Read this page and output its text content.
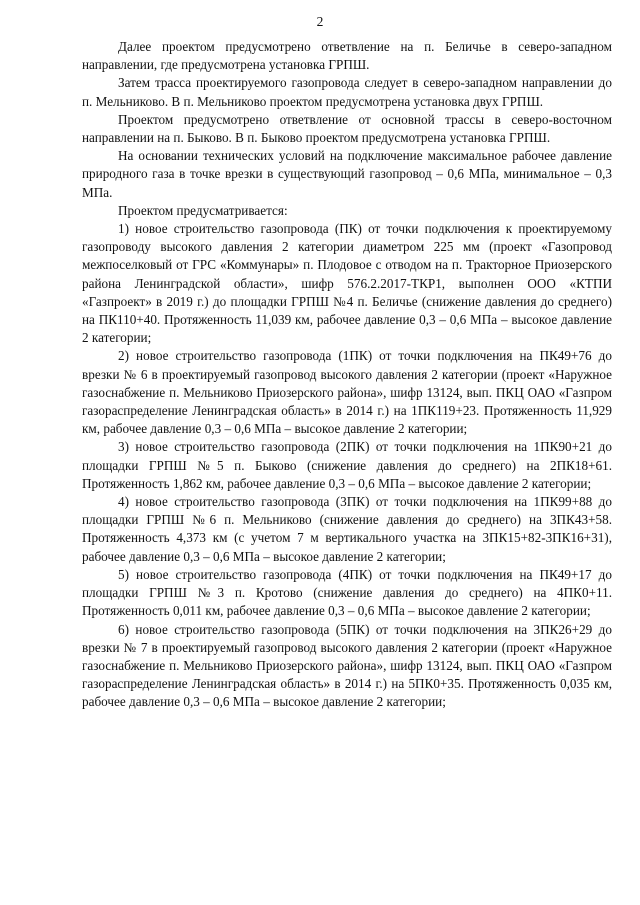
2

Далее проектом предусмотрено ответвление на п. Беличье в северо-западном направлении, где предусмотрена установка ГРПШ.

Затем трасса проектируемого газопровода следует в северо-западном направлении до п. Мельниково. В п. Мельниково проектом предусмотрена установка двух ГРПШ.

Проектом предусмотрено ответвление от основной трассы в северо-восточном направлении на п. Быково. В п. Быково проектом предусмотрена установка ГРПШ.

На основании технических условий на подключение максимальное рабочее давление природного газа в точке врезки в существующий газопровод – 0,6 МПа, минимальное – 0,3 МПа.

Проектом предусматривается:

1) новое строительство газопровода (ПК) от точки подключения к проектируемому газопроводу высокого давления 2 категории диаметром 225 мм (проект «Газопровод межпоселковый от ГРС «Коммунары» п. Плодовое с отводом на п. Тракторное Приозерского района Ленинградской области», шифр 576.2.2017-ТКР1, выполнен ООО «КТПИ «Газпроект» в 2019 г.) до площадки ГРПШ №4 п. Беличье (снижение давления до среднего) на ПК110+40. Протяженность 11,039 км, рабочее давление 0,3 – 0,6 МПа – высокое давление 2 категории;

2) новое строительство газопровода (1ПК) от точки подключения на ПК49+76 до врезки № 6 в проектируемый газопровод высокого давления 2 категории (проект «Наружное газоснабжение п. Мельниково Приозерского района», шифр 13124, вып. ПКЦ ОАО «Газпром газораспределение Ленинградская область» в 2014 г.) на 1ПК119+23. Протяженность 11,929 км, рабочее давление 0,3 – 0,6 МПа – высокое давление 2 категории;

3) новое строительство газопровода (2ПК) от точки подключения на 1ПК90+21 до площадки ГРПШ №5 п. Быково (снижение давления до среднего) на 2ПК18+61. Протяженность 1,862 км, рабочее давление 0,3 – 0,6 МПа – высокое давление 2 категории;

4) новое строительство газопровода (3ПК) от точки подключения на 1ПК99+88 до площадки ГРПШ №6 п. Мельниково (снижение давления до среднего) на 3ПК43+58. Протяженность 4,373 км (с учетом 7 м вертикального участка на 3ПК15+82-3ПК16+31), рабочее давление 0,3 – 0,6 МПа – высокое давление 2 категории;

5) новое строительство газопровода (4ПК) от точки подключения на ПК49+17 до площадки ГРПШ №3 п. Кротово (снижение давления до среднего) на 4ПК0+11. Протяженность 0,011 км, рабочее давление 0,3 – 0,6 МПа – высокое давление 2 категории;

6) новое строительство газопровода (5ПК) от точки подключения на 3ПК26+29 до врезки № 7 в проектируемый газопровод высокого давления 2 категории (проект «Наружное газоснабжение п. Мельниково Приозерского района», шифр 13124, вып. ПКЦ ОАО «Газпром газораспределение Ленинградская область» в 2014 г.) на 5ПК0+35. Протяженность 0,035 км, рабочее давление 0,3 – 0,6 МПа – высокое давление 2 категории;
